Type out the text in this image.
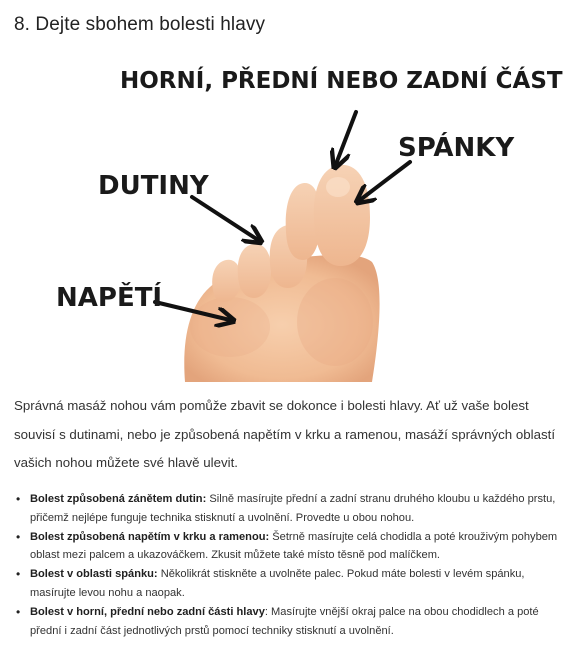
8. Dejte sbohem bolesti hlavy
HORNÍ, PŘEDNÍ NEBO ZADNÍ ČÁST
SPÁNKY
DUTINY
NAPĚTÍ

Správná masáž nohou vám pomůže zbavit se dokonce i bolesti hlavy. Ať už vaše bolest souvisí s dutinami, nebo je způsobená napětím v krku a ramenou, masáží správných oblastí vašich nohou můžete své hlavě ulevit.

• Bolest způsobená zánětem dutin: Silně masírujte přední a zadní stranu druhého kloubu u každého prstu, přičemž nejlépe funguje technika stisknutí a uvolnění. Provedte u obou nohou.
• Bolest způsobená napětím v krku a ramenou: Šetrně masírujte celá chodidla a poté krouživým pohybem oblast mezi palcem a ukazováčkem. Zkusit můžete také místo těsně pod malíčkem.
• Bolest v oblasti spánku: Několikrát stiskněte a uvolněte palec. Pokud máte bolesti v levém spánku, masírujte levou nohu a naopak.
• Bolest v horní, přední nebo zadní části hlavy: Masírujte vnější okraj palce na obou chodidlech a poté přední i zadní část jednotlivých prstů pomocí techniky stisknutí a uvolnění.
